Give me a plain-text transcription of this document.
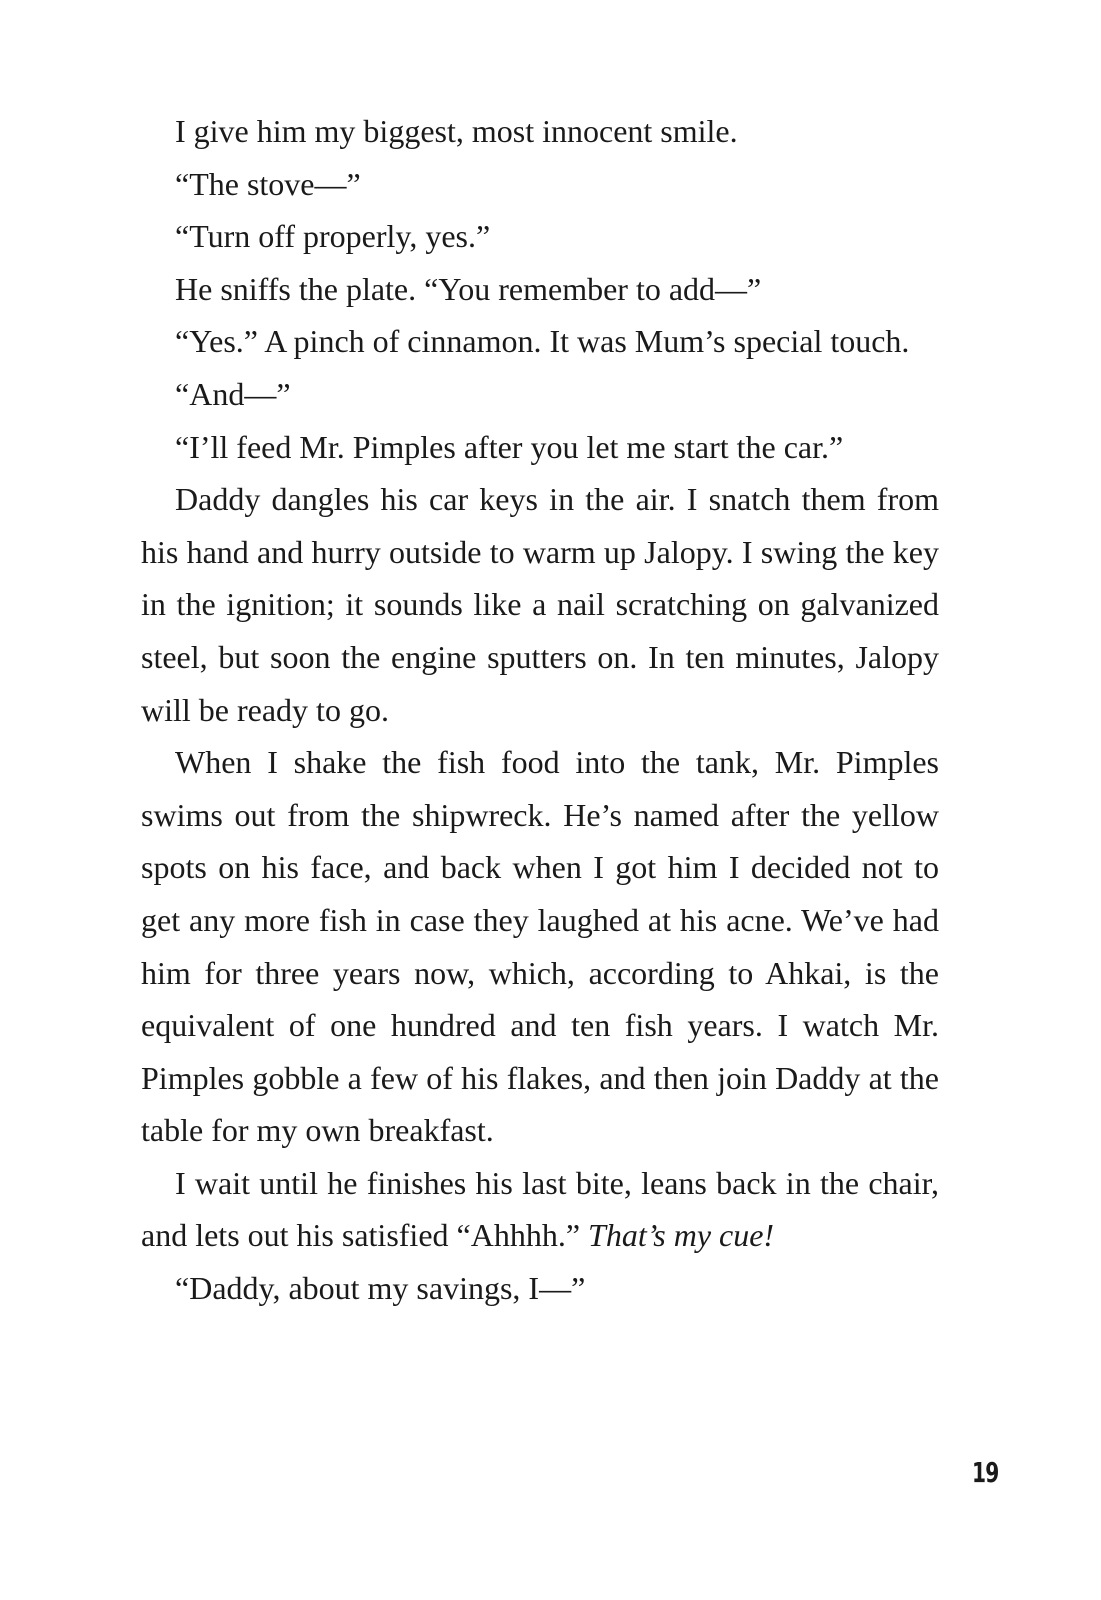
I give him my biggest, most innocent smile.

“The stove—”

“Turn off properly, yes.”

He sniffs the plate. “You remember to add—”

“Yes.” A pinch of cinnamon. It was Mum’s special touch.

“And—”

“I’ll feed Mr. Pimples after you let me start the car.”

Daddy dangles his car keys in the air. I snatch them from his hand and hurry outside to warm up Jalopy. I swing the key in the ignition; it sounds like a nail scratching on galvanized steel, but soon the engine sputters on. In ten minutes, Jalopy will be ready to go.

When I shake the fish food into the tank, Mr. Pimples swims out from the shipwreck. He’s named after the yellow spots on his face, and back when I got him I decided not to get any more fish in case they laughed at his acne. We’ve had him for three years now, which, according to Ahkai, is the equivalent of one hundred and ten fish years. I watch Mr. Pimples gobble a few of his flakes, and then join Daddy at the table for my own breakfast.

I wait until he finishes his last bite, leans back in the chair, and lets out his satisfied “Ahhhh.” That’s my cue!

“Daddy, about my savings, I—”

19
